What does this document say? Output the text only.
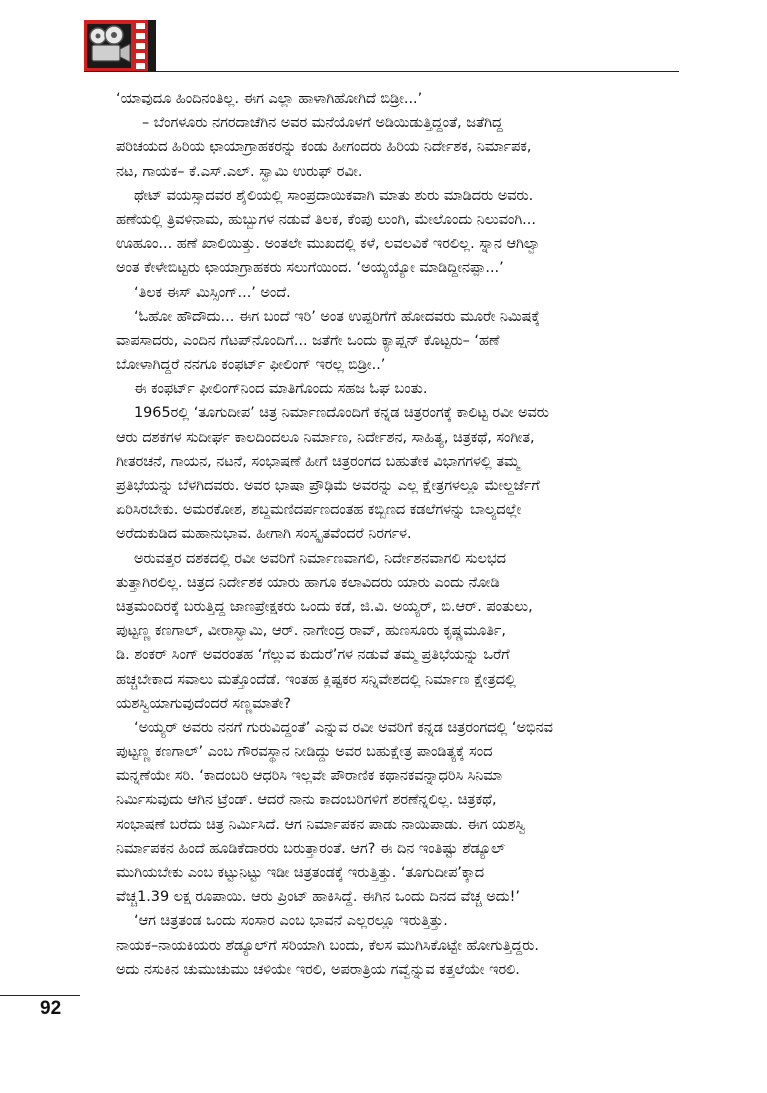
‘ಯಾವುದೂ ಹಿಂದಿನಂತಿಲ್ಲ. ಈಗ ಎಲ್ಲಾ ಹಾಳಾಗಿಹೋಗಿದೆ ಬಿಡ್ರೀ...’
– ಬೆಂಗಳೂರು ನಗರದಾಚೆಗಿನ ಅವರ ಮನೆಯೊಳಗೆ ಅಡಿಯಿಡುತ್ತಿದ್ದಂತೆ, ಜತೆಗಿದ್ದ
ಪರಿಚಯದ ಹಿರಿಯ ಛಾಯಾಗ್ರಾಹಕರನ್ನು ಕಂಡು ಹೀಗಂದರು ಹಿರಿಯ ನಿರ್ದೇಶಕ, ನಿರ್ಮಾಪಕ,
ನಟ, ಗಾಯಕ– ಕೆ.ಎಸ್.ಎಲ್. ಸ್ವಾಮಿ ಉರುಫ್ ರವೀ.
ಥೇಟ್ ವಯಸ್ಸಾದವರ ಶೈಲಿಯಲ್ಲಿ ಸಾಂಪ್ರದಾಯಿಕವಾಗಿ ಮಾತು ಶುರು ಮಾಡಿದರು ಅವರು.
ಹಣೆಯಲ್ಲಿ ತ್ರಿವಳಿನಾಮ, ಹುಬ್ಬುಗಳ ನಡುವೆ ತಿಲಕ, ಕೆಂಪು ಲುಂಗಿ, ಮೇಲೊಂದು ನಿಲುವಂಗಿ...
ಊಹೂಂ... ಹಣೆ ಖಾಲಿಯಿತ್ತು. ಅಂತಲೇ ಮುಖದಲ್ಲಿ ಕಳೆ, ಲವಲವಿಕೆ ಇರಲಿಲ್ಲ. ಸ್ನಾನ ಆಗಿಲ್ವಾ
ಅಂತ ಕೇಳೇಬಿಟ್ಟರು ಛಾಯಾಗ್ರಾಹಕರು ಸಲುಗೆಯಿಂದ. ‘ಅಯ್ಯಯ್ಯೋ ಮಾಡಿದ್ದೀನಪ್ಪಾ...’
‘ತಿಲಕ ಈಸ್ ಮಿಸ್ಸಿಂಗ್...’ ಅಂದೆ.
‘ಓಹೋ ಹೌದೌದು... ಈಗ ಬಂದೆ ಇರಿ’ ಅಂತ ಉಪ್ಪರಿಗೆಗೆ ಹೋದವರು ಮೂರೇ ನಿಮಿಷಕ್ಕೆ
ವಾಪಸಾದರು, ಎಂದಿನ ಗೆಟಪ್‌ನೊಂದಿಗೆ... ಜತೆಗೇ ಒಂದು ಕ್ಯಾಪ್ಷನ್ ಕೊಟ್ಟರು– ‘ಹಣೆ
ಬೋಳಾಗಿದ್ದರೆ ನನಗೂ ಕಂಫರ್ಟ್ ಫೀಲಿಂಗ್ ಇರಲ್ಲ ಬಿಡ್ರೀ..’
ಈ ಕಂಫರ್ಟ್ ಫೀಲಿಂಗ್‌ನಿಂದ ಮಾತಿಗೊಂದು ಸಹಜ ಓಘ ಬಂತು.
1965ರಲ್ಲಿ ‘ತೂಗುದೀಪ’ ಚಿತ್ರ ನಿರ್ಮಾಣದೊಂದಿಗೆ ಕನ್ನಡ ಚಿತ್ರರಂಗಕ್ಕೆ ಕಾಲಿಟ್ಟ ರವೀ ಅವರು
ಆರು ದಶಕಗಳ ಸುದೀರ್ಘ ಕಾಲದಿಂದಲೂ ನಿರ್ಮಾಣ, ನಿರ್ದೇಶನ, ಸಾಹಿತ್ಯ, ಚಿತ್ರಕಥೆ, ಸಂಗೀತ,
ಗೀತರಚನೆ, ಗಾಯನ, ನಟನೆ, ಸಂಭಾಷಣೆ ಹೀಗೆ ಚಿತ್ರರಂಗದ ಬಹುತೇಕ ವಿಭಾಗಗಳಲ್ಲಿ ತಮ್ಮ
ಪ್ರತಿಭೆಯನ್ನು ಬೆಳಗಿದವರು. ಅವರ ಭಾಷಾ ಪ್ರೌಢಿಮೆ ಅವರನ್ನು ಎಲ್ಲ ಕ್ಷೇತ್ರಗಳಲ್ಲೂ ಮೇಲ್ದರ್ಜೆಗೆ
ಏರಿಸಿರಬೇಕು. ಅಮರಕೋಶ, ಶಬ್ದಮಣಿದರ್ಪಣದಂತಹ ಕಬ್ಬಿಣದ ಕಡಲೆಗಳನ್ನು ಬಾಲ್ಯದಲ್ಲೇ
ಅರೆದುಕುಡಿದ ಮಹಾನುಭಾವ. ಹೀಗಾಗಿ ಸಂಸ್ಕೃತವೆಂದರೆ ನಿರರ್ಗಳ.
ಅರುವತ್ತರ ದಶಕದಲ್ಲಿ ರವೀ ಅವರಿಗೆ ನಿರ್ಮಾಣವಾಗಲಿ, ನಿರ್ದೇಶನವಾಗಲಿ ಸುಲಭದ
ತುತ್ತಾಗಿರಲಿಲ್ಲ. ಚಿತ್ರದ ನಿರ್ದೇಶಕ ಯಾರು ಹಾಗೂ ಕಲಾವಿದರು ಯಾರು ಎಂದು ನೋಡಿ
ಚಿತ್ರಮಂದಿರಕ್ಕೆ ಬರುತ್ತಿದ್ದ ಜಾಣಪ್ರೇಕ್ಷಕರು ಒಂದು ಕಡೆ, ಜಿ.ವಿ. ಅಯ್ಯರ್, ಬಿ.ಆರ್. ಪಂತುಲು,
ಪುಟ್ಟಣ್ಣ ಕಣಗಾಲ್, ವೀರಾಸ್ವಾಮಿ, ಆರ್. ನಾಗೇಂದ್ರ ರಾವ್, ಹುಣಸೂರು ಕೃಷ್ಣಮೂರ್ತಿ,
ಡಿ. ಶಂಕರ್ ಸಿಂಗ್ ಅವರಂತಹ ‘ಗೆಲ್ಲುವ ಕುದುರೆ’ಗಳ ನಡುವೆ ತಮ್ಮ ಪ್ರತಿಭೆಯನ್ನು ಒರೆಗೆ
ಹಚ್ಚಬೇಕಾದ ಸವಾಲು ಮತ್ತೊಂದೆಡೆ. ಇಂತಹ ಕ್ಲಿಷ್ಟಕರ ಸನ್ನಿವೇಶದಲ್ಲಿ ನಿರ್ಮಾಣ ಕ್ಷೇತ್ರದಲ್ಲಿ
ಯಶಸ್ವಿಯಾಗುವುದೆಂದರೆ ಸಣ್ಣಮಾತೇ?
‘ಅಯ್ಯರ್ ಅವರು ನನಗೆ ಗುರುವಿದ್ದಂತೆ’ ಎನ್ನುವ ರವೀ ಅವರಿಗೆ ಕನ್ನಡ ಚಿತ್ರರಂಗದಲ್ಲಿ ‘ಅಭಿನವ
ಪುಟ್ಟಣ್ಣ ಕಣಗಾಲ್’ ಎಂಬ ಗೌರವಸ್ಥಾನ ನೀಡಿದ್ದು ಅವರ ಬಹುಕ್ಷೇತ್ರ ಪಾಂಡಿತ್ಯಕ್ಕೆ ಸಂದ
ಮನ್ನಣೆಯೇ ಸರಿ. ‘ಕಾದಂಬರಿ ಆಧರಿಸಿ ಇಲ್ಲವೇ ಪೌರಾಣಿಕ ಕಥಾನಕವನ್ನಾಧರಿಸಿ ಸಿನಿಮಾ
ನಿರ್ಮಿಸುವುದು ಆಗಿನ ಟ್ರೆಂಡ್. ಆದರೆ ನಾನು ಕಾದಂಬರಿಗಳಿಗೆ ಶರಣೆನ್ನಲಿಲ್ಲ. ಚಿತ್ರಕಥೆ,
ಸಂಭಾಷಣೆ ಬರೆದು ಚಿತ್ರ ನಿರ್ಮಿಸಿದೆ. ಆಗ ನಿರ್ಮಾಪಕನ ಪಾಡು ನಾಯಿಪಾಡು. ಈಗ ಯಶಸ್ವಿ
ನಿರ್ಮಾಪಕನ ಹಿಂದೆ ಹೂಡಿಕೆದಾರರು ಬರುತ್ತಾರಂತೆ. ಆಗ? ಈ ದಿನ ಇಂತಿಷ್ಟು ಶೆಡ್ಯೂಲ್
ಮುಗಿಯಬೇಕು ಎಂಬ ಕಟ್ಟುನಿಟ್ಟು ಇಡೀ ಚಿತ್ರತಂಡಕ್ಕೆ ಇರುತ್ತಿತ್ತು. ‘ತೂಗುದೀಪ’ಕ್ಕಾದ
ವೆಚ್ಚ1.39 ಲಕ್ಷ ರೂಪಾಯಿ. ಆರು ಪ್ರಿಂಟ್ ಹಾಕಿಸಿದ್ದೆ. ಈಗಿನ ಒಂದು ದಿನದ ವೆಚ್ಚ ಅದು!’
‘ಆಗ ಚಿತ್ರತಂಡ ಒಂದು ಸಂಸಾರ ಎಂಬ ಭಾವನೆ ಎಲ್ಲರಲ್ಲೂ ಇರುತ್ತಿತ್ತು.
ನಾಯಕ–ನಾಯಕಿಯರು ಶೆಡ್ಯೂಲ್‌ಗೆ ಸರಿಯಾಗಿ ಬಂದು, ಕೆಲಸ ಮುಗಿಸಿಕೊಟ್ಟೇ ಹೋಗುತ್ತಿದ್ದರು.
ಅದು ನಸುಕಿನ ಚುಮುಚುಮು ಚಳಿಯೇ ಇರಲಿ, ಅಪರಾತ್ರಿಯ ಗವ್ವೆನ್ನುವ ಕತ್ತಲೆಯೇ ಇರಲಿ.
92
